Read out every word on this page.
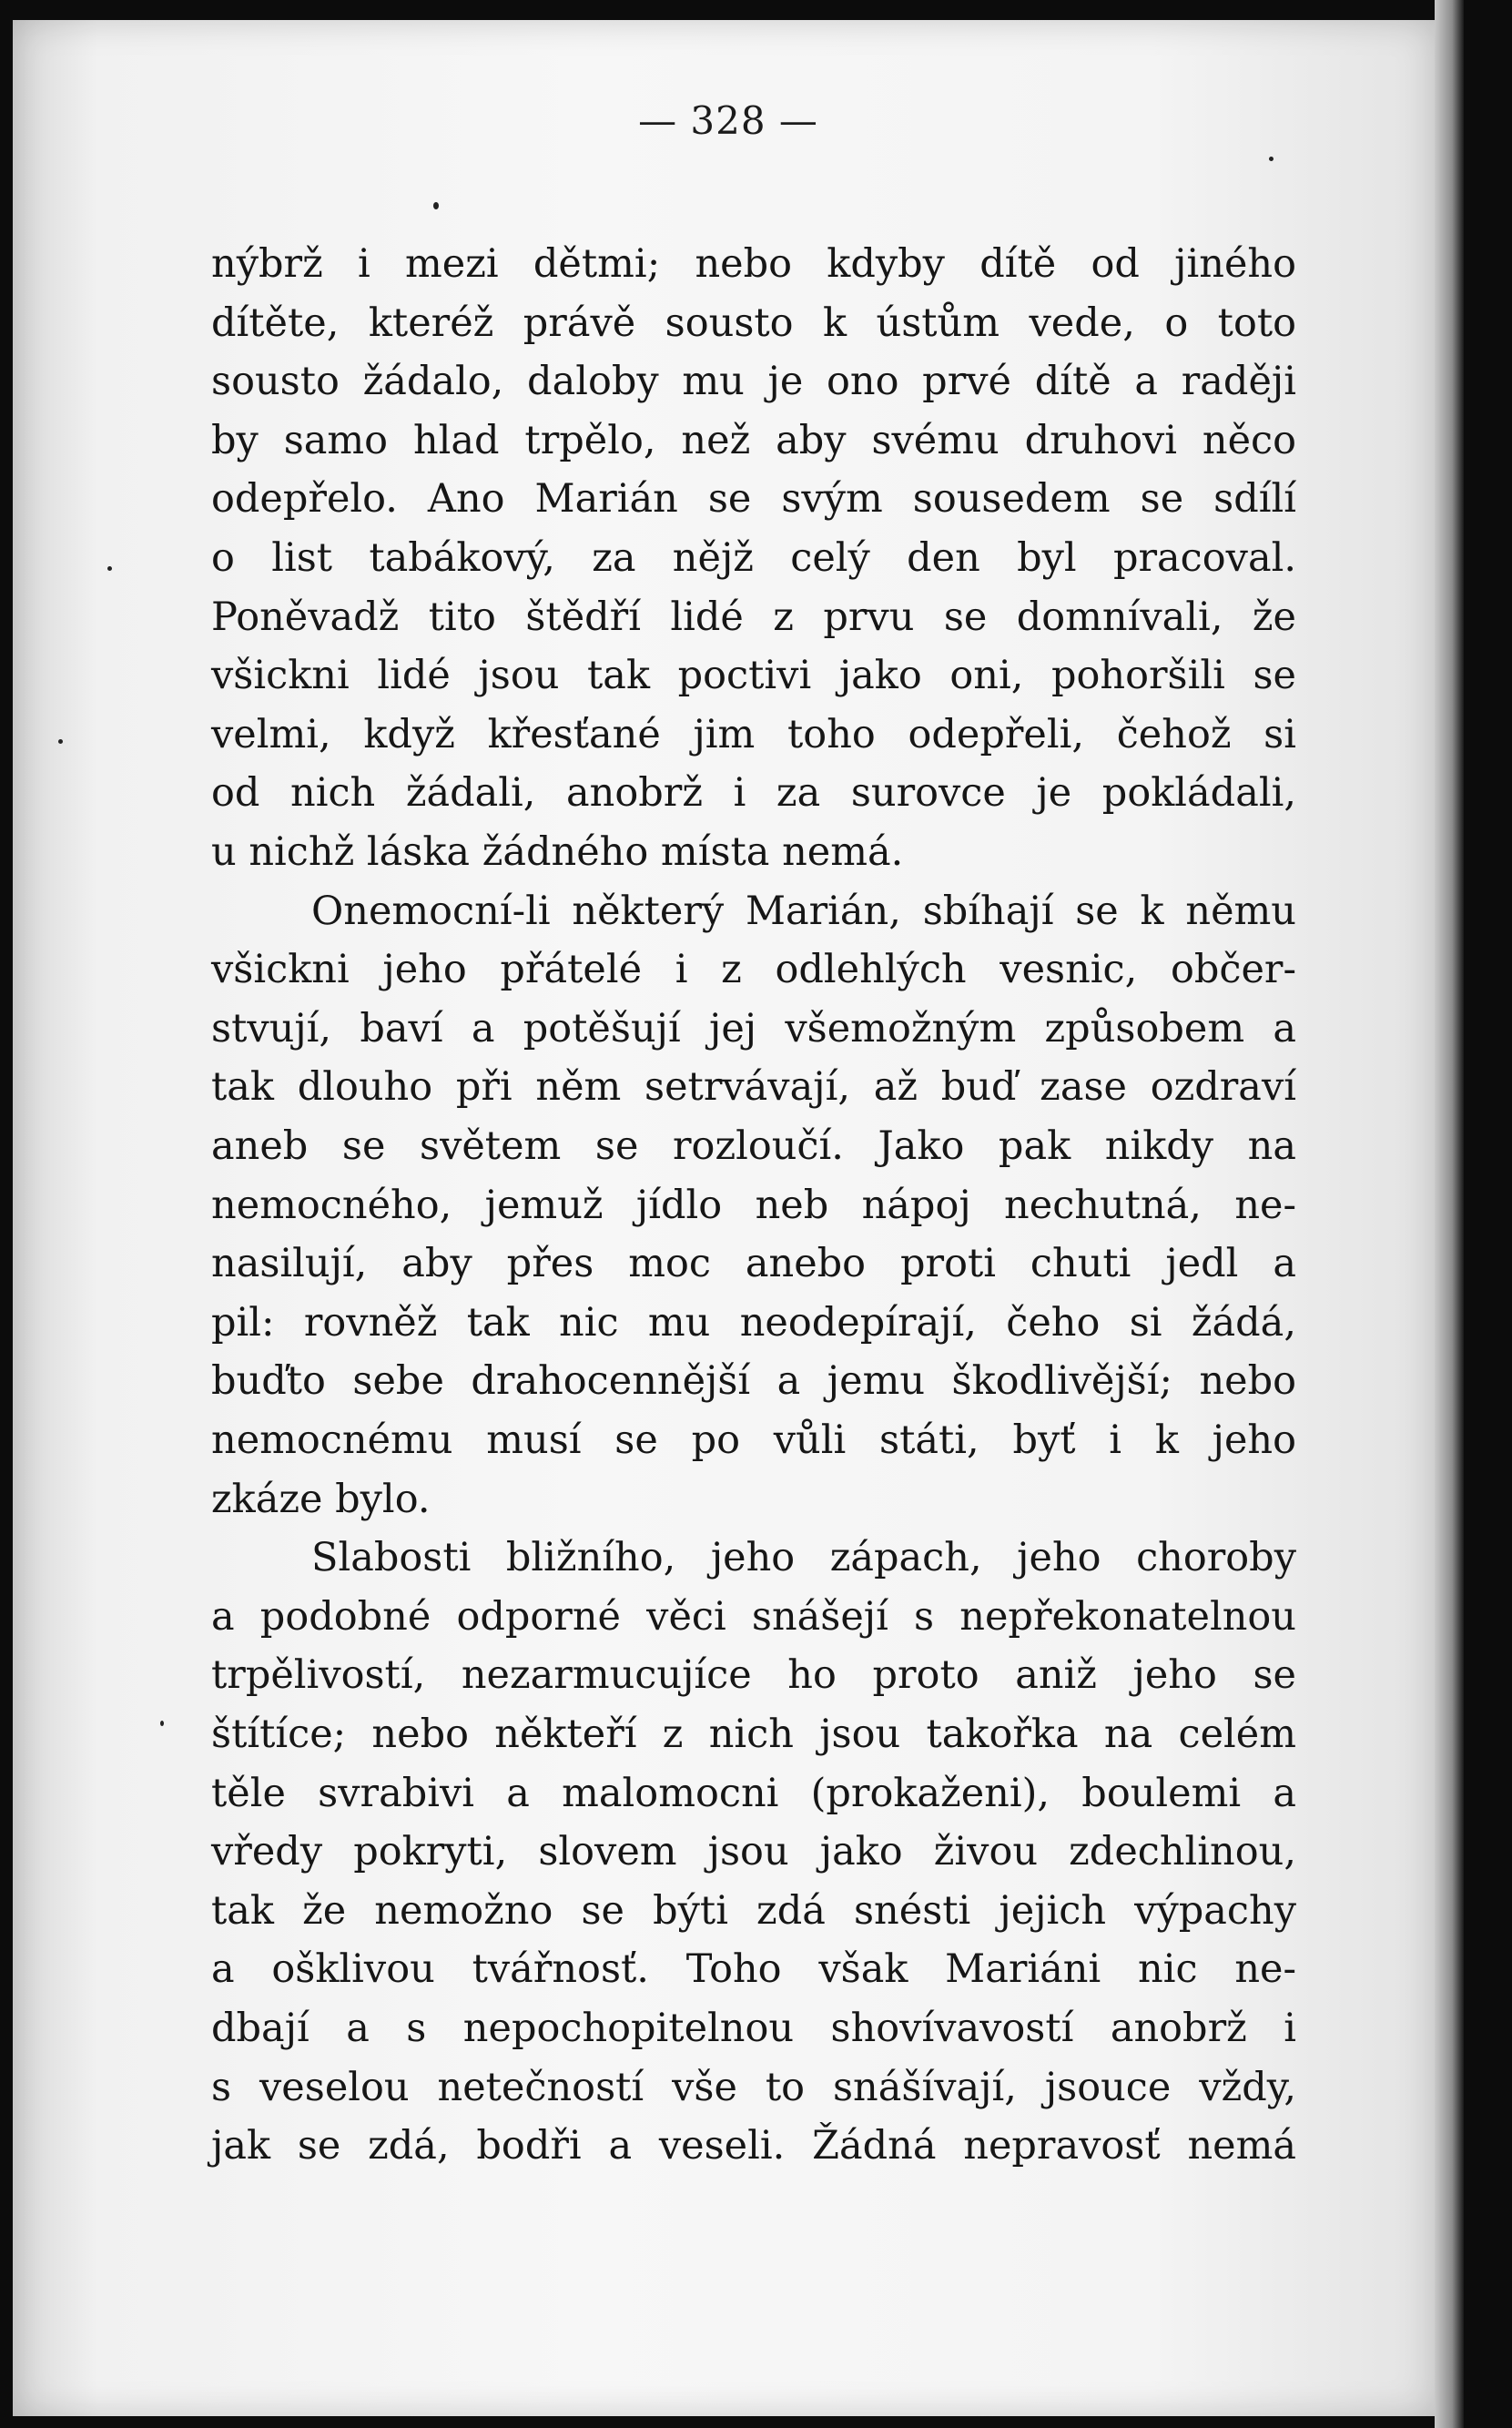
— 328 —
nýbrž i mezi dětmi; nebo kdyby dítě od jiného
dítěte, kteréž právě sousto k ústům vede, o toto
sousto žádalo, daloby mu je ono prvé dítě a raději
by samo hlad trpělo, než aby svému druhovi něco
odepřelo. Ano Marián se svým sousedem se sdílí
o list tabákový, za nějž celý den byl pracoval.
Poněvadž tito štědří lidé z prvu se domnívali, že
všickni lidé jsou tak poctivi jako oni, pohoršili se
velmi, když křesťané jim toho odepřeli, čehož si
od nich žádali, anobrž i za surovce je pokládali,
u nichž láska žádného místa nemá.
Onemocní-li některý Marián, sbíhají se k němu
všickni jeho přátelé i z odlehlých vesnic, občer-
stvují, baví a potěšují jej všemožným způsobem a
tak dlouho při něm setrvávají, až buď zase ozdraví
aneb se světem se rozloučí. Jako pak nikdy na
nemocného, jemuž jídlo neb nápoj nechutná, ne-
nasilují, aby přes moc anebo proti chuti jedl a
pil: rovněž tak nic mu neodepírají, čeho si žádá,
buďto sebe drahocennější a jemu škodlivější; nebo
nemocnému musí se po vůli státi, byť i k jeho
zkáze bylo.
Slabosti bližního, jeho zápach, jeho choroby
a podobné odporné věci snášejí s nepřekonatelnou
trpělivostí, nezarmucujíce ho proto aniž jeho se
štítíce; nebo někteří z nich jsou takořka na celém
těle svrabivi a malomocni (prokaženi), boulemi a
vředy pokryti, slovem jsou jako živou zdechlinou,
tak že nemožno se býti zdá snésti jejich výpachy
a ošklivou tvářnosť. Toho však Mariáni nic ne-
dbají a s nepochopitelnou shovívavostí anobrž i
s veselou netečností vše to snášívají, jsouce vždy,
jak se zdá, bodři a veseli. Žádná nepravosť nemá
